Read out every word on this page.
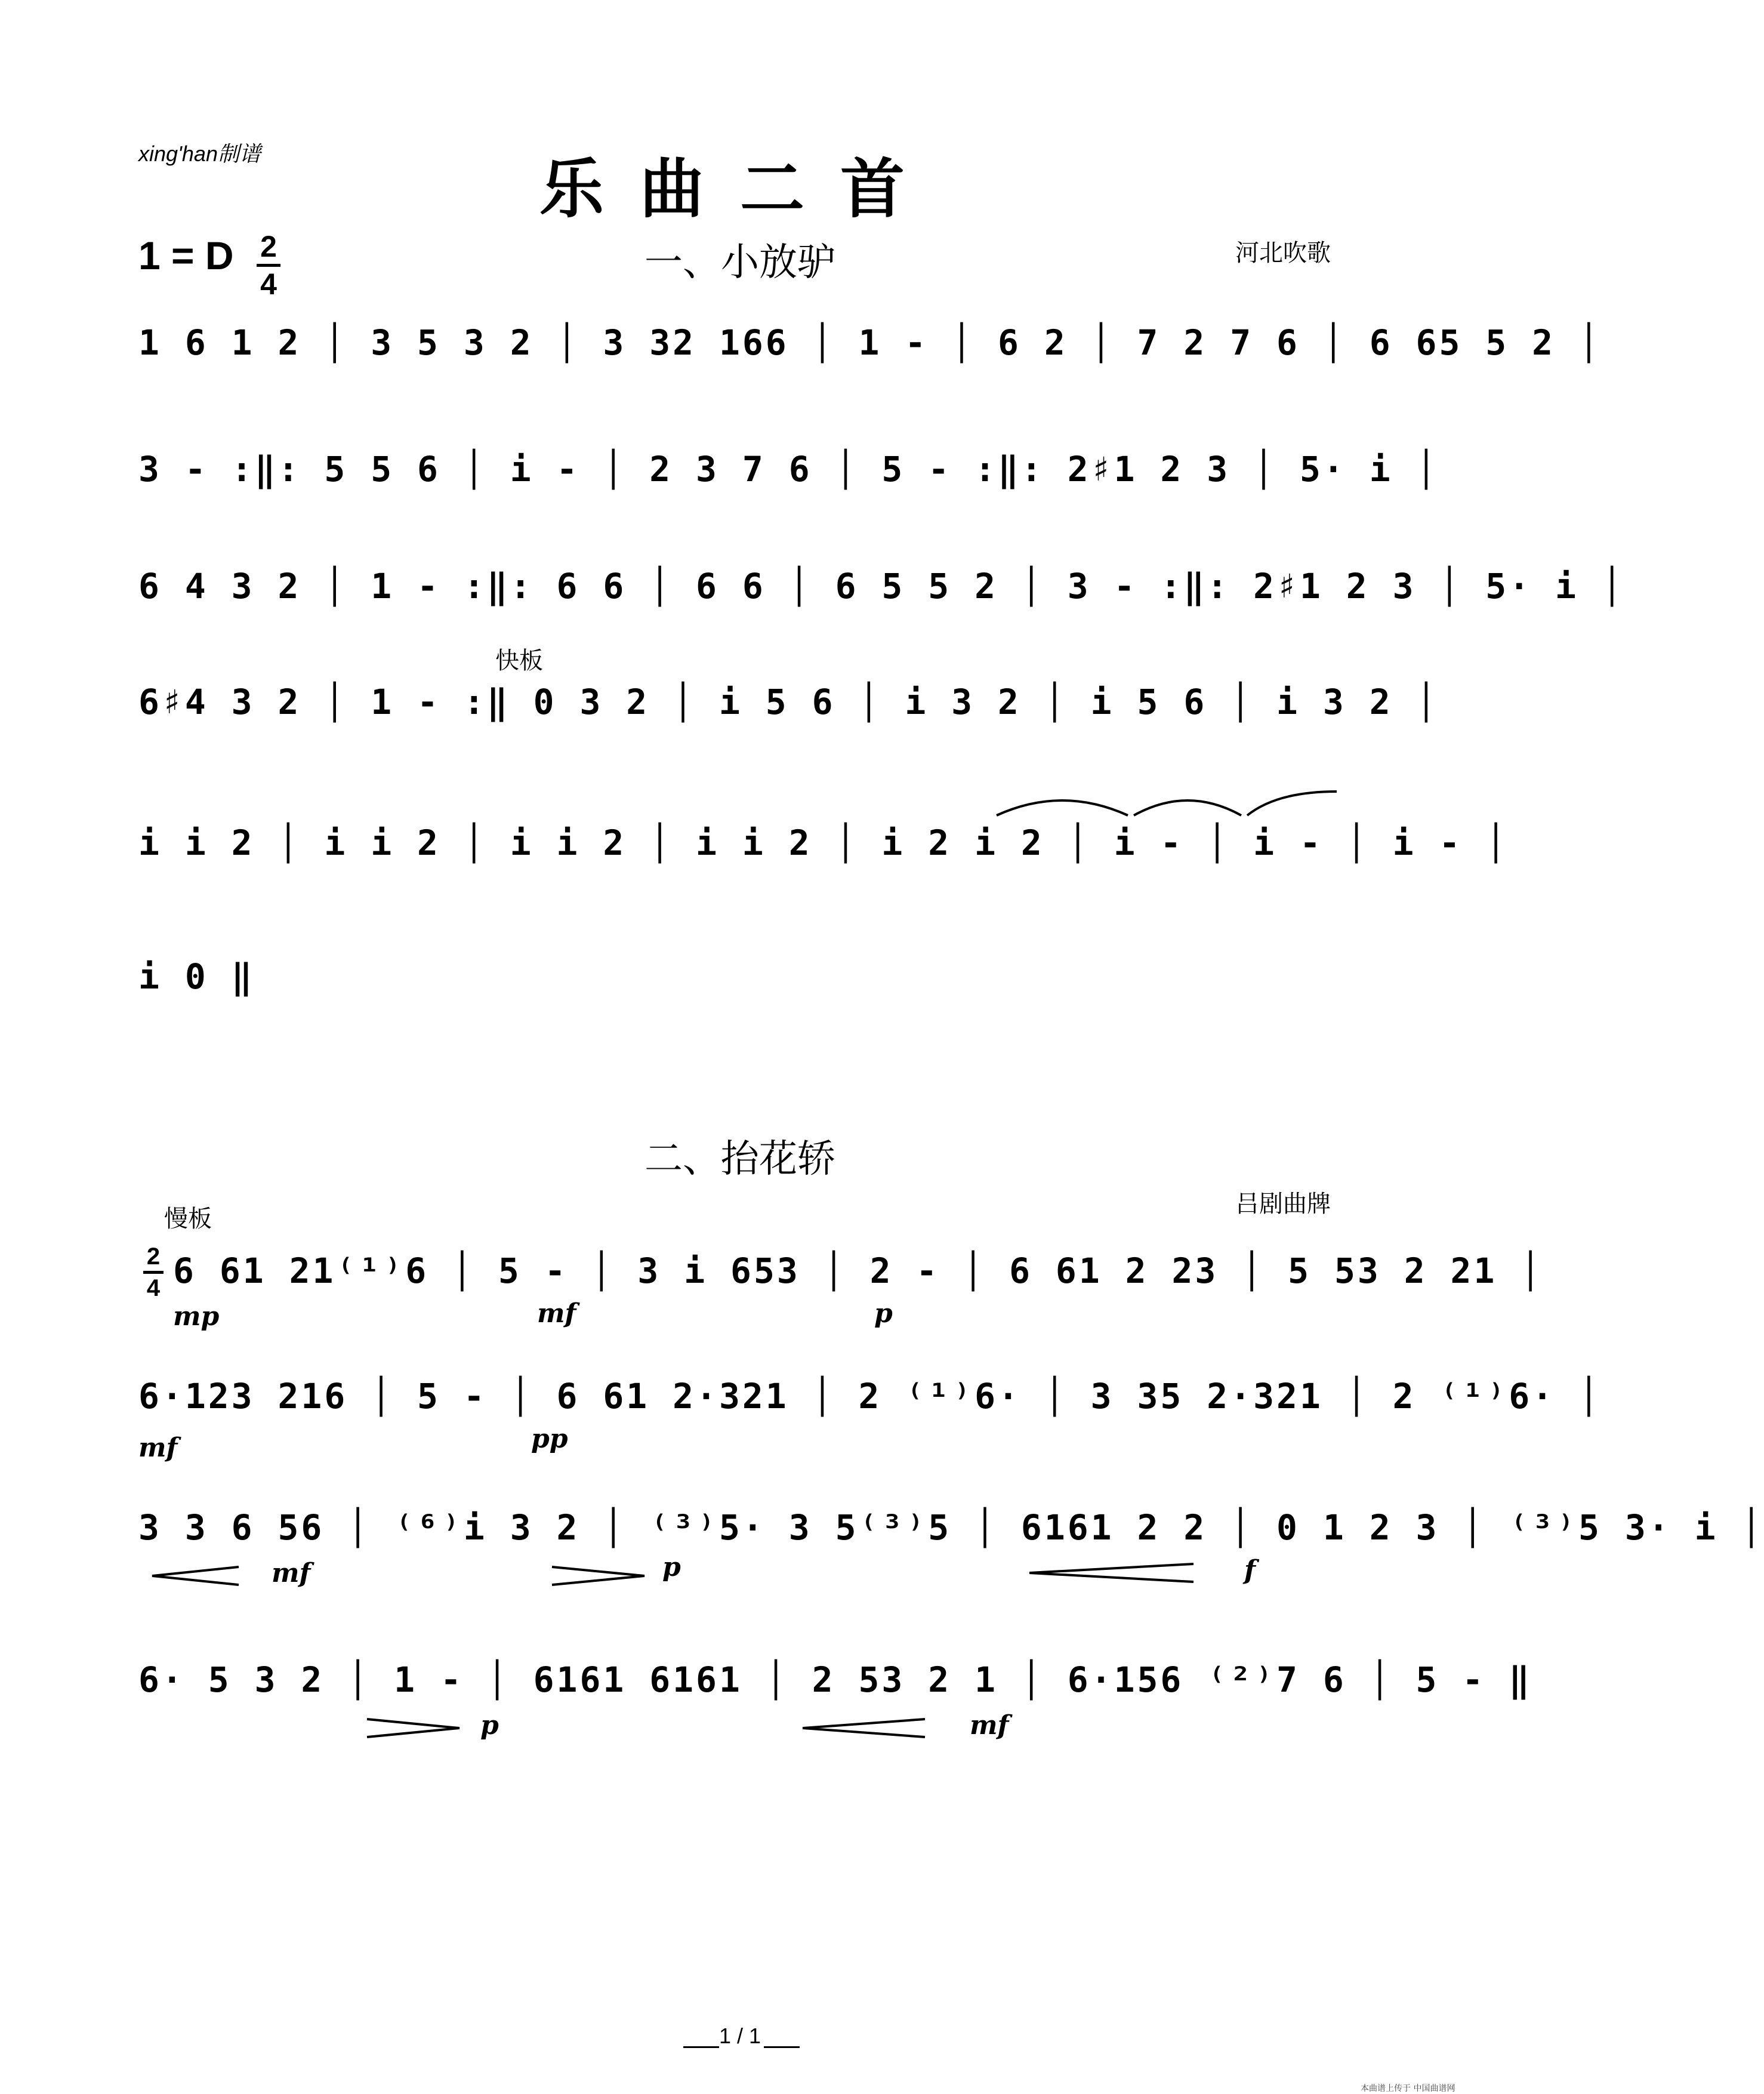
xing'han制谱	乐曲二首
1 = D 2
4	一、小放驴	河北吹歌
1 6 1 2 │ 3 5 3 2 │ 3 32 166 │ 1 - │ 6 2 │ 7 2 7 6 │ 6 65 5 2 │
3 - :‖: 5 5 6 │ i - │ 2 3 7 6 │ 5 - :‖: 2♯1 2 3 │ 5· i │
6 4 3 2 │ 1 - :‖: 6 6 │ 6 6 │ 6 5 5 2 │ 3 - :‖: 2♯1 2 3 │ 5· i │
快板
6♯4 3 2 │ 1 - :‖ 0 3 2 │ i 5 6 │ i 3 2 │ i 5 6 │ i 3 2 │
i i 2 │ i i 2 │ i i 2 │ i i 2 │ i 2 i 2 │ i - │ i - │ i - │
i 0 ‖
二、抬花轿
吕剧曲牌
慢板
2
4 6 61 21⁽¹⁾6 │ 5 - │ 3 i 653 │ 2 - │ 6 61 2 23 │ 5 53 2 21 │
mp	mf	p
6·123 216 │ 5 - │ 6 61 2·321 │ 2 ⁽¹⁾6· │ 3 35 2·321 │ 2 ⁽¹⁾6· │
mf	pp
3 3 6 56 │ ⁽⁶⁾i 3 2 │ ⁽³⁾5· 3 5⁽³⁾5 │ 6161 2 2 │ 0 1 2 3 │ ⁽³⁾5 3· i │
mf	p	f
6· 5 3 2 │ 1 - │ 6161 6161 │ 2 53 2 1 │ 6·156 ⁽²⁾7 6 │ 5 - ‖
p	mf
1 / 1
本曲谱上传于 中国曲谱网
